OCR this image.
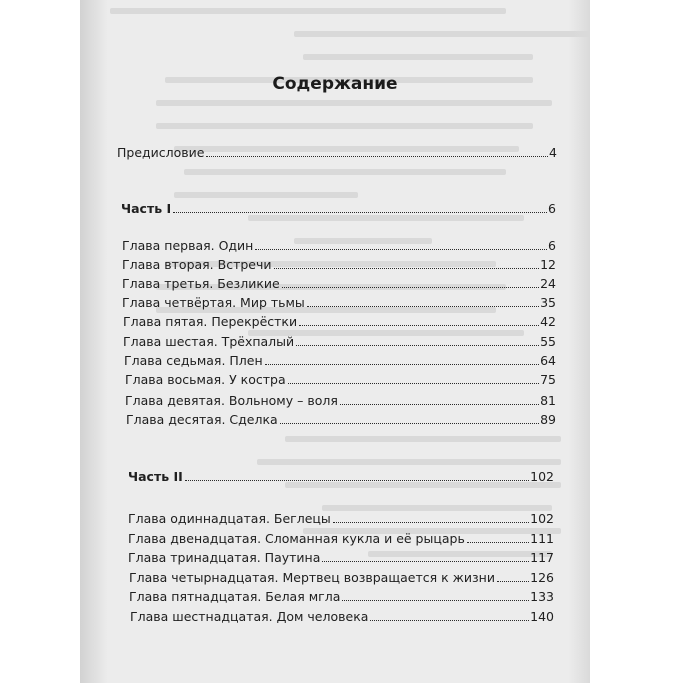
Содержание
Предисловие	4
Часть I	6
Глава первая. Один	6
Глава вторая. Встречи	12
Глава третья. Безликие	24
Глава четвёртая. Мир тьмы	35
Глава пятая. Перекрёстки	42
Глава шестая. Трёхпалый	55
Глава седьмая. Плен	64
Глава восьмая. У костра	75
Глава девятая. Вольному – воля	81
Глава десятая. Сделка	89
Часть II	102
Глава одиннадцатая. Беглецы	102
Глава двенадцатая. Сломанная кукла и её рыцарь	111
Глава тринадцатая. Паутина	117
Глава четырнадцатая. Мертвец возвращается к жизни	126
Глава пятнадцатая. Белая мгла	133
Глава шестнадцатая. Дом человека	140
